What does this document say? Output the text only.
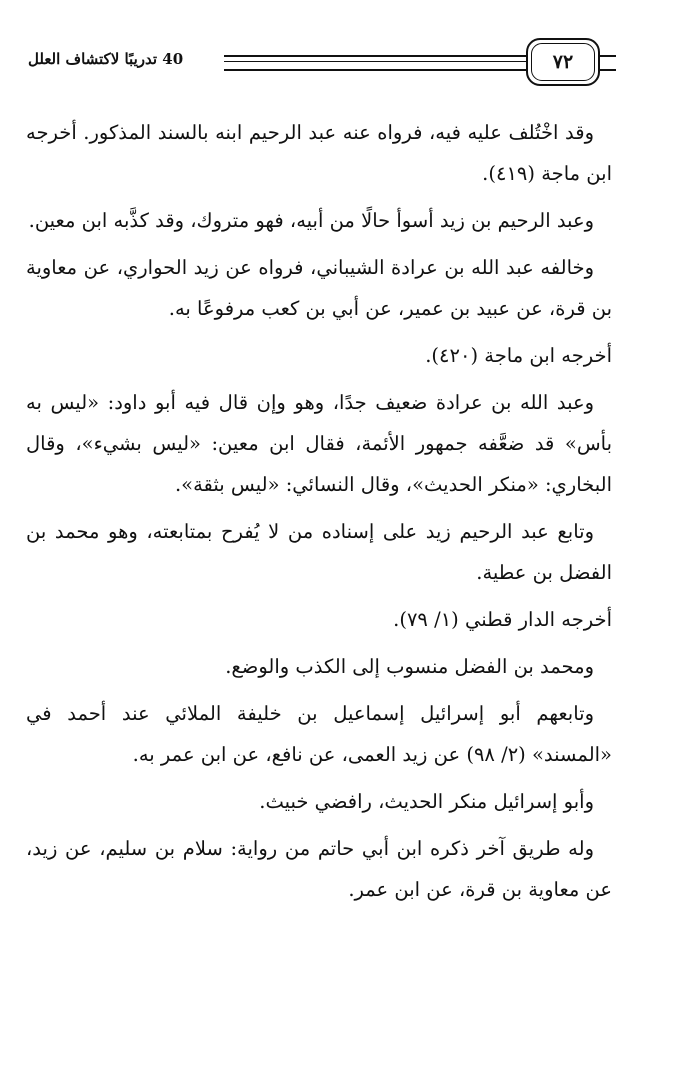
40 تدريبًا لاكتشاف العلل	٧٢

وقد اخْتُلف عليه فيه، فرواه عنه عبد الرحيم ابنه بالسند المذكور. أخرجه ابن ماجة (٤١٩).

وعبد الرحيم بن زيد أسوأ حالًا من أبيه، فهو متروك، وقد كذَّبه ابن معين.

وخالفه عبد الله بن عرادة الشيباني، فرواه عن زيد الحواري، عن معاوية بن قرة، عن عبيد بن عمير، عن أبي بن كعب مرفوعًا به.

أخرجه ابن ماجة (٤٢٠).

وعبد الله بن عرادة ضعيف جدًا، وهو وإن قال فيه أبو داود: «ليس به بأس» قد ضعَّفه جمهور الأئمة، فقال ابن معين: «ليس بشيء»، وقال البخاري: «منكر الحديث»، وقال النسائي: «ليس بثقة».

وتابع عبد الرحيم زيد على إسناده من لا يُفرح بمتابعته، وهو محمد بن الفضل بن عطية.

أخرجه الدار قطني (١/ ٧٩).

ومحمد بن الفضل منسوب إلى الكذب والوضع.

وتابعهم أبو إسرائيل إسماعيل بن خليفة الملائي عند أحمد في «المسند» (٢/ ٩٨) عن زيد العمى، عن نافع، عن ابن عمر به.

وأبو إسرائيل منكر الحديث، رافضي خبيث.

وله طريق آخر ذكره ابن أبي حاتم من رواية: سلام بن سليم، عن زيد، عن معاوية بن قرة، عن ابن عمر.
